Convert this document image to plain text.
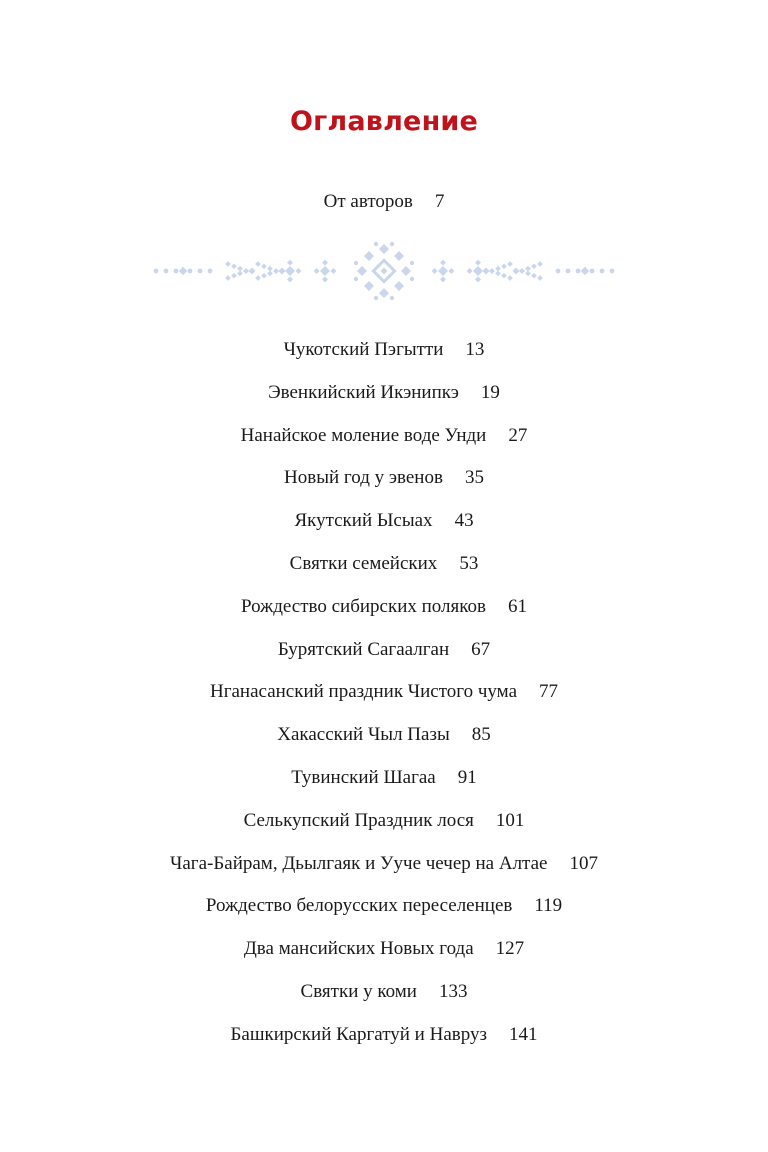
Оглавление
От авторов 7
Чукотский Пэгытти 13
Эвенкийский Икэнипкэ 19
Нанайское моление воде Унди 27
Новый год у эвенов 35
Якутский Ысыах 43
Святки семейских 53
Рождество сибирских поляков 61
Бурятский Сагаалган 67
Нганасанский праздник Чистого чума 77
Хакасский Чыл Пазы 85
Тувинский Шагаа 91
Селькупский Праздник лося 101
Чага-Байрам, Дьылгаяк и Ууче чечер на Алтае 107
Рождество белорусских переселенцев 119
Два мансийских Новых года 127
Святки у коми 133
Башкирский Каргатуй и Навруз 141
